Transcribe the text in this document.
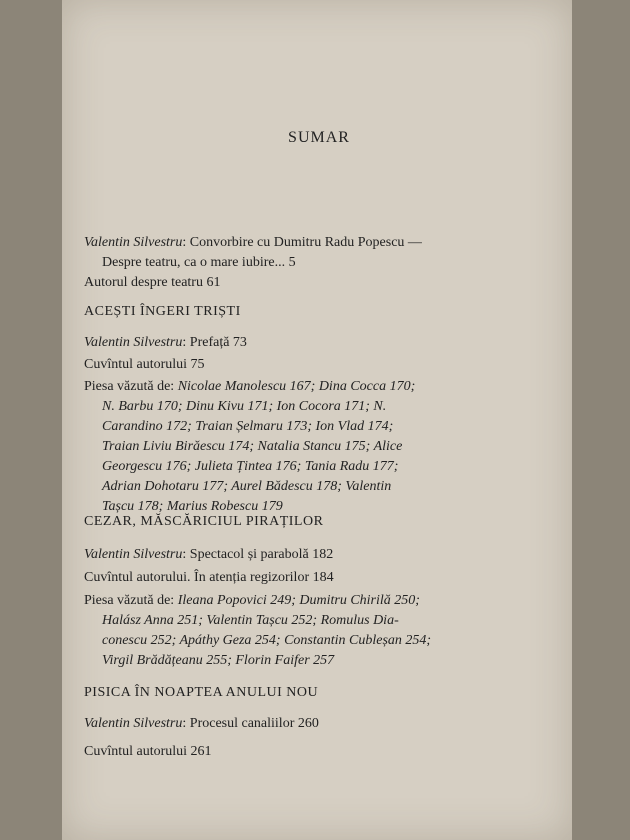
SUMAR
Valentin Silvestru: Convorbire cu Dumitru Radu Popescu —
Despre teatru, ca o mare iubire... 5
Autorul despre teatru 61
ACEȘTI ÎNGERI TRIȘTI
Valentin Silvestru: Prefață 73
Cuvîntul autorului 75
Piesa văzută de: Nicolae Manolescu 167; Dina Cocca 170;
N. Barbu 170; Dinu Kivu 171; Ion Cocora 171; N.
Carandino 172; Traian Șelmaru 173; Ion Vlad 174;
Traian Liviu Birăescu 174; Natalia Stancu 175; Alice
Georgescu 176; Julieta Țintea 176; Tania Radu 177;
Adrian Dohotaru 177; Aurel Bădescu 178; Valentin
Tașcu 178; Marius Robescu 179
CEZAR, MĂSCĂRICIUL PIRAȚILOR
Valentin Silvestru: Spectacol și parabolă 182
Cuvîntul autorului. În atenția regizorilor 184
Piesa văzută de: Ileana Popovici 249; Dumitru Chirilă 250;
Halász Anna 251; Valentin Tașcu 252; Romulus Dia-
conescu 252; Apáthy Geza 254; Constantin Cubleșan 254;
Virgil Brădățeanu 255; Florin Faifer 257
PISICA ÎN NOAPTEA ANULUI NOU
Valentin Silvestru: Procesul canaliilor 260
Cuvîntul autorului 261
